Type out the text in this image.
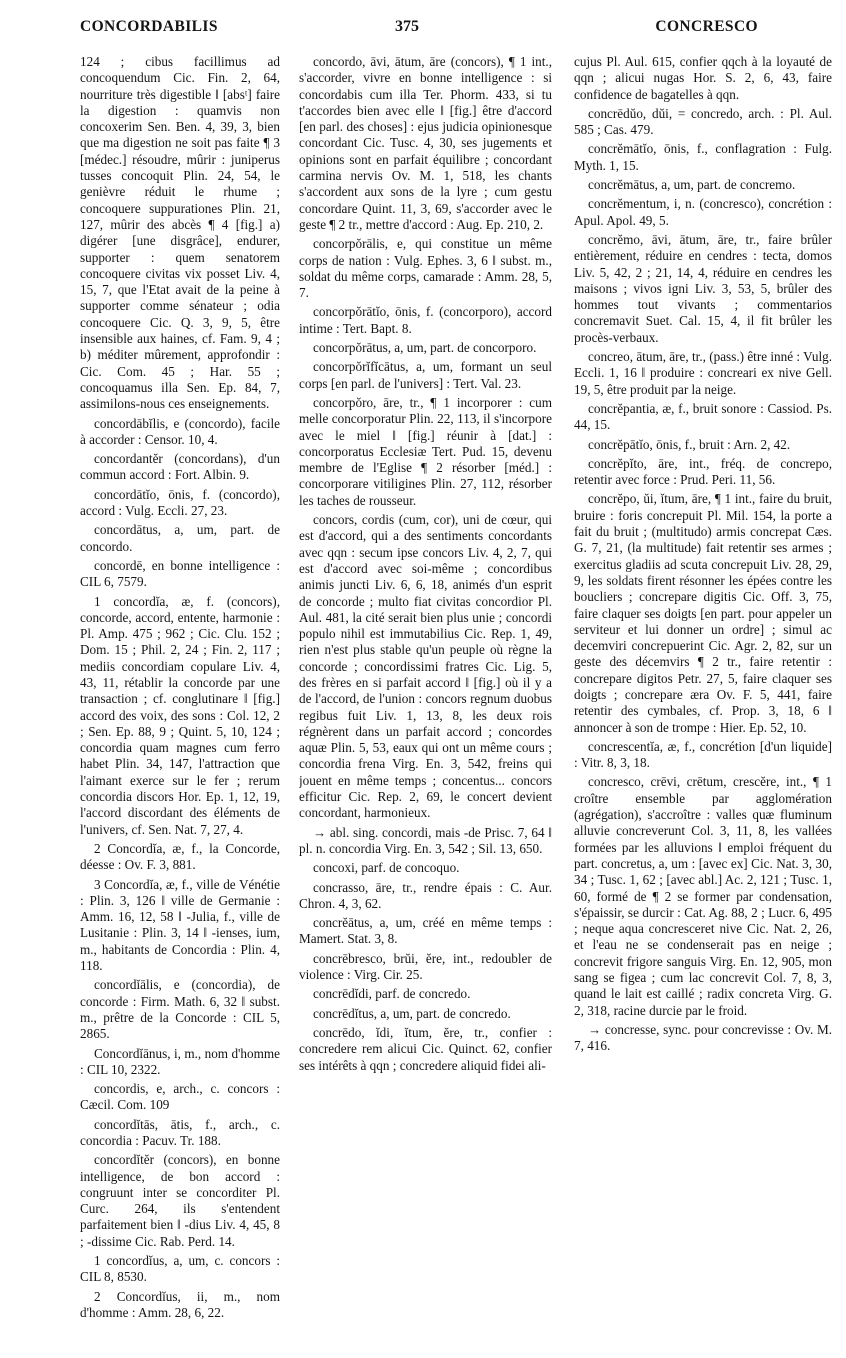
CONCORDABILIS	375	CONCRESCO

124 ; cibus facillimus ad concoquendum Cic. Fin. 2, 64, nourriture très digestible ‖ [absᵗ] faire la digestion : quamvis non concoxerim Sen. Ben. 4, 39, 3, bien que ma digestion ne soit pas faite ¶ 3 [médec.] résoudre, mûrir : juniperus tusses concoquit Plin. 24, 54, le genièvre réduit le rhume ; concoquere suppurationes Plin. 21, 127, mûrir des abcès ¶ 4 [fig.] a) digérer [une disgrâce], endurer, supporter : quem senatorem concoquere civitas vix posset Liv. 4, 15, 7, que l'Etat avait de la peine à supporter comme sénateur ; odia concoquere Cic. Q. 3, 9, 5, être insensible aux haines, cf. Fam. 9, 4 ; b) méditer mûrement, approfondir : Cic. Com. 45 ; Har. 55 ; concoquamus illa Sen. Ep. 84, 7, assimilons-nous ces enseignements.

concordābĭlis, e (concordo), facile à accorder : Censor. 10, 4.

concordantĕr (concordans), d'un commun accord : Fort. Albin. 9.

concordātĭo, ōnis, f. (concordo), accord : Vulg. Eccli. 27, 23.

concordātus, a, um, part. de concordo.

concordē, en bonne intelligence : CIL 6, 7579.

1 concordĭa, æ, f. (concors), concorde, accord, entente, harmonie : Pl. Amp. 475 ; 962 ; Cic. Clu. 152 ; Dom. 15 ; Phil. 2, 24 ; Fin. 2, 117 ; mediis concordiam copulare Liv. 4, 43, 11, rétablir la concorde par une transaction ; cf. conglutinare ‖ [fig.] accord des voix, des sons : Col. 12, 2 ; Sen. Ep. 88, 9 ; Quint. 5, 10, 124 ; concordia quam magnes cum ferro habet Plin. 34, 147, l'attraction que l'aimant exerce sur le fer ; rerum concordia discors Hor. Ep. 1, 12, 19, l'accord discordant des éléments de l'univers, cf. Sen. Nat. 7, 27, 4.

2 Concordĭa, æ, f., la Concorde, déesse : Ov. F. 3, 881.

3 Concordĭa, æ, f., ville de Vénétie : Plin. 3, 126 ‖ ville de Germanie : Amm. 16, 12, 58 ‖ -Julia, f., ville de Lusitanie : Plin. 3, 14 ‖ -ienses, ium, m., habitants de Concordia : Plin. 4, 118.

concordĭālis, e (concordia), de concorde : Firm. Math. 6, 32 ‖ subst. m., prêtre de la Concorde : CIL 5, 2865.

Concordĭānus, i, m., nom d'homme : CIL 10, 2322.

concordis, e, arch., c. concors : Cæcil. Com. 109

concordĭtās, ātis, f., arch., c. concordia : Pacuv. Tr. 188.

concordĭtĕr (concors), en bonne intelligence, de bon accord : congruunt inter se concorditer Pl. Curc. 264, ils s'entendent parfaitement bien ‖ -dius Liv. 4, 45, 8 ; -dissime Cic. Rab. Perd. 14.

1 concordĭus, a, um, c. concors : CIL 8, 8530.

2 Concordĭus, ii, m., nom d'homme : Amm. 28, 6, 22.

concordo, āvi, ātum, āre (concors), ¶ 1 int., s'accorder, vivre en bonne intelligence : si concordabis cum illa Ter. Phorm. 433, si tu t'accordes bien avec elle ‖ [fig.] être d'accord [en parl. des choses] : ejus judicia opinionesque concordant Cic. Tusc. 4, 30, ses jugements et opinions sont en parfait équilibre ; concordant carmina nervis Ov. M. 1, 518, les chants s'accordent aux sons de la lyre ; cum gestu concordare Quint. 11, 3, 69, s'accorder avec le geste ¶ 2 tr., mettre d'accord : Aug. Ep. 210, 2.

concorpŏrālis, e, qui constitue un même corps de nation : Vulg. Ephes. 3, 6 ‖ subst. m., soldat du même corps, camarade : Amm. 28, 5, 7.

concorpŏrātĭo, ōnis, f. (concorporo), accord intime : Tert. Bapt. 8.

concorpŏrātus, a, um, part. de concorporo.

concorpŏrĭfĭcātus, a, um, formant un seul corps [en parl. de l'univers] : Tert. Val. 23.

concorpŏro, āre, tr., ¶ 1 incorporer : cum melle concorporatur Plin. 22, 113, il s'incorpore avec le miel ‖ [fig.] réunir à [dat.] : concorporatus Ecclesiæ Tert. Pud. 15, devenu membre de l'Eglise ¶ 2 résorber [méd.] : concorporare vitiligines Plin. 27, 112, résorber les taches de rousseur.

concors, cordis (cum, cor), uni de cœur, qui est d'accord, qui a des sentiments concordants avec qqn : secum ipse concors Liv. 4, 2, 7, qui est d'accord avec soi-même ; concordibus animis juncti Liv. 6, 6, 18, animés d'un esprit de concorde ; multo fiat civitas concordior Pl. Aul. 481, la cité serait bien plus unie ; concordi populo nihil est immutabilius Cic. Rep. 1, 49, rien n'est plus stable qu'un peuple où règne la concorde ; concordissimi fratres Cic. Lig. 5, des frères en si parfait accord ‖ [fig.] où il y a de l'accord, de l'union : concors regnum duobus regibus fuit Liv. 1, 13, 8, les deux rois régnèrent dans un parfait accord ; concordes aquæ Plin. 5, 53, eaux qui ont un même cours ; concordia frena Virg. En. 3, 542, freins qui jouent en même temps ; concentus... concors efficitur Cic. Rep. 2, 69, le concert devient concordant, harmonieux.

→ abl. sing. concordi, mais -de Prisc. 7, 64 ‖ pl. n. concordia Virg. En. 3, 542 ; Sil. 13, 650.

concoxi, parf. de concoquo.

concrasso, āre, tr., rendre épais : C. Aur. Chron. 4, 3, 62.

concrĕātus, a, um, créé en même temps : Mamert. Stat. 3, 8.

concrēbresco, brŭi, ĕre, int., redoubler de violence : Virg. Cir. 25.

concrēdĭdi, parf. de concredo.

concrēdĭtus, a, um, part. de concredo.

concrēdo, ĭdi, ĭtum, ĕre, tr., confier : concredere rem alicui Cic. Quinct. 62, confier ses intérêts à qqn ; concredere aliquid fidei ali-

cujus Pl. Aul. 615, confier qqch à la loyauté de qqn ; alicui nugas Hor. S. 2, 6, 43, faire confidence de bagatelles à qqn.

concrēdŭo, dŭi, = concredo, arch. : Pl. Aul. 585 ; Cas. 479.

concrĕmātĭo, ōnis, f., conflagration : Fulg. Myth. 1, 15.

concrĕmātus, a, um, part. de concremo.

concrĕmentum, i, n. (concresco), concrétion : Apul. Apol. 49, 5.

concrĕmo, āvi, ātum, āre, tr., faire brûler entièrement, réduire en cendres : tecta, domos Liv. 5, 42, 2 ; 21, 14, 4, réduire en cendres les maisons ; vivos igni Liv. 3, 53, 5, brûler des hommes tout vivants ; commentarios concremavit Suet. Cal. 15, 4, il fit brûler les procès-verbaux.

concreo, ātum, āre, tr., (pass.) être inné : Vulg. Eccli. 1, 16 ‖ produire : concreari ex nive Gell. 19, 5, être produit par la neige.

concrĕpantia, æ, f., bruit sonore : Cassiod. Ps. 44, 15.

concrĕpātĭo, ōnis, f., bruit : Arn. 2, 42.

concrĕpĭto, āre, int., fréq. de concrepo, retentir avec force : Prud. Peri. 11, 56.

concrĕpo, ŭi, ĭtum, āre, ¶ 1 int., faire du bruit, bruire : foris concrepuit Pl. Mil. 154, la porte a fait du bruit ; (multitudo) armis concrepat Cæs. G. 7, 21, (la multitude) fait retentir ses armes ; exercitus gladiis ad scuta concrepuit Liv. 28, 29, 9, les soldats firent résonner les épées contre les boucliers ; concrepare digitis Cic. Off. 3, 75, faire claquer ses doigts [en part. pour appeler un serviteur et lui donner un ordre] ; simul ac decemviri concrepuerint Cic. Agr. 2, 82, sur un geste des décemvirs ¶ 2 tr., faire retentir : concrepare digitos Petr. 27, 5, faire claquer ses doigts ; concrepare æra Ov. F. 5, 441, faire retentir des cymbales, cf. Prop. 3, 18, 6 ‖ annoncer à son de trompe : Hier. Ep. 52, 10.

concrescentĭa, æ, f., concrétion [d'un liquide] : Vitr. 8, 3, 18.

concresco, crēvi, crētum, crescĕre, int., ¶ 1 croître ensemble par agglomération (agrégation), s'accroître : valles quæ fluminum alluvie concreverunt Col. 3, 11, 8, les vallées formées par les alluvions ‖ emploi fréquent du part. concretus, a, um : [avec ex] Cic. Nat. 3, 30, 34 ; Tusc. 1, 62 ; [avec abl.] Ac. 2, 121 ; Tusc. 1, 60, formé de ¶ 2 se former par condensation, s'épaissir, se durcir : Cat. Ag. 88, 2 ; Lucr. 6, 495 ; neque aqua concresceret nive Cic. Nat. 2, 26, et l'eau ne se condenserait pas en neige ; concrevit frigore sanguis Virg. En. 12, 905, mon sang se figea ; cum lac concrevit Col. 7, 8, 3, quand le lait est caillé ; radix concreta Virg. G. 2, 318, racine durcie par le froid.

→ concresse, sync. pour concrevisse : Ov. M. 7, 416.
